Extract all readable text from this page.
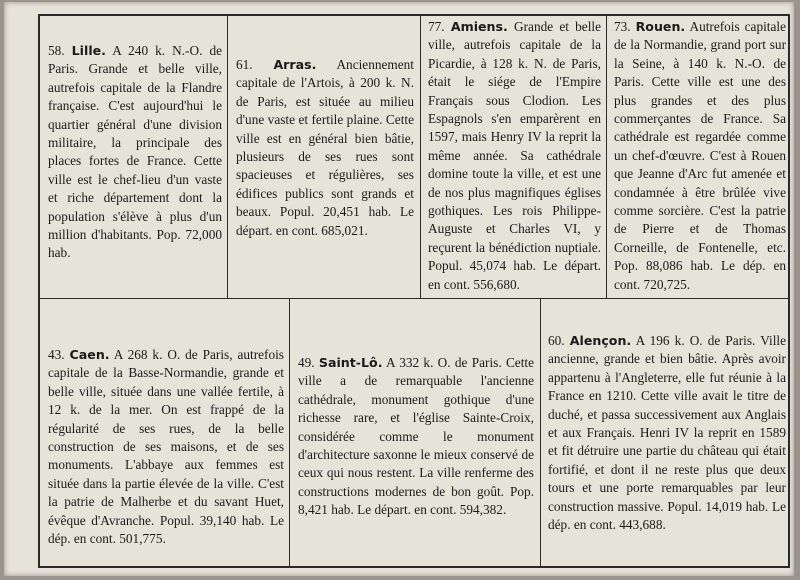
58. Lille. A 240 k. N.-O. de Paris. Grande et belle ville, autrefois capitale de la Flandre française. C'est aujourd'hui le quartier général d'une division militaire, la principale des places fortes de France. Cette ville est le chef-lieu d'un vaste et riche département dont la population s'élève à plus d'un million d'habitants. Pop. 72,000 hab.
61. Arras. Anciennement capitale de l'Artois, à 200 k. N. de Paris, est située au milieu d'une vaste et fertile plaine. Cette ville est en général bien bâtie, plusieurs de ses rues sont spacieuses et régulières, ses édifices publics sont grands et beaux. Popul. 20,451 hab. Le départ. en cont. 685,021.
77. Amiens. Grande et belle ville, autrefois capitale de la Picardie, à 128 k. N. de Paris, était le siége de l'Empire Français sous Clodion. Les Espagnols s'en emparèrent en 1597, mais Henry IV la reprit la même année. Sa cathédrale domine toute la ville, et est une de nos plus magnifiques églises gothiques. Les rois Philippe-Auguste et Charles VI, y reçurent la bénédiction nuptiale. Popul. 45,074 hab. Le départ. en cont. 556,680.
73. Rouen. Autrefois capitale de la Normandie, grand port sur la Seine, à 140 k. N.-O. de Paris. Cette ville est une des plus grandes et des plus commerçantes de France. Sa cathédrale est regardée comme un chef-d'œuvre. C'est à Rouen que Jeanne d'Arc fut amenée et condamnée à être brûlée vive comme sorcière. C'est la patrie de Pierre et de Thomas Corneille, de Fontenelle, etc. Pop. 88,086 hab. Le dép. en cont. 720,725.
43. Caen. A 268 k. O. de Paris, autrefois capitale de la Basse-Normandie, grande et belle ville, située dans une vallée fertile, à 12 k. de la mer. On est frappé de la régularité de ses rues, de la belle construction de ses maisons, et de ses monuments. L'abbaye aux femmes est située dans la partie élevée de la ville. C'est la patrie de Malherbe et du savant Huet, évêque d'Avranche. Popul. 39,140 hab. Le dép. en cont. 501,775.
49. Saint-Lô. A 332 k. O. de Paris. Cette ville a de remarquable l'ancienne cathédrale, monument gothique d'une richesse rare, et l'église Sainte-Croix, considérée comme le monument d'architecture saxonne le mieux conservé de ceux qui nous restent. La ville renferme des constructions modernes de bon goût. Pop. 8,421 hab. Le départ. en cont. 594,382.
60. Alençon. A 196 k. O. de Paris. Ville ancienne, grande et bien bâtie. Après avoir appartenu à l'Angleterre, elle fut réunie à la France en 1210. Cette ville avait le titre de duché, et passa successivement aux Anglais et aux Français. Henri IV la reprit en 1589 et fit détruire une partie du château qui était fortifié, et dont il ne reste plus que deux tours et une porte remarquables par leur construction massive. Popul. 14,019 hab. Le dép. en cont. 443,688.
